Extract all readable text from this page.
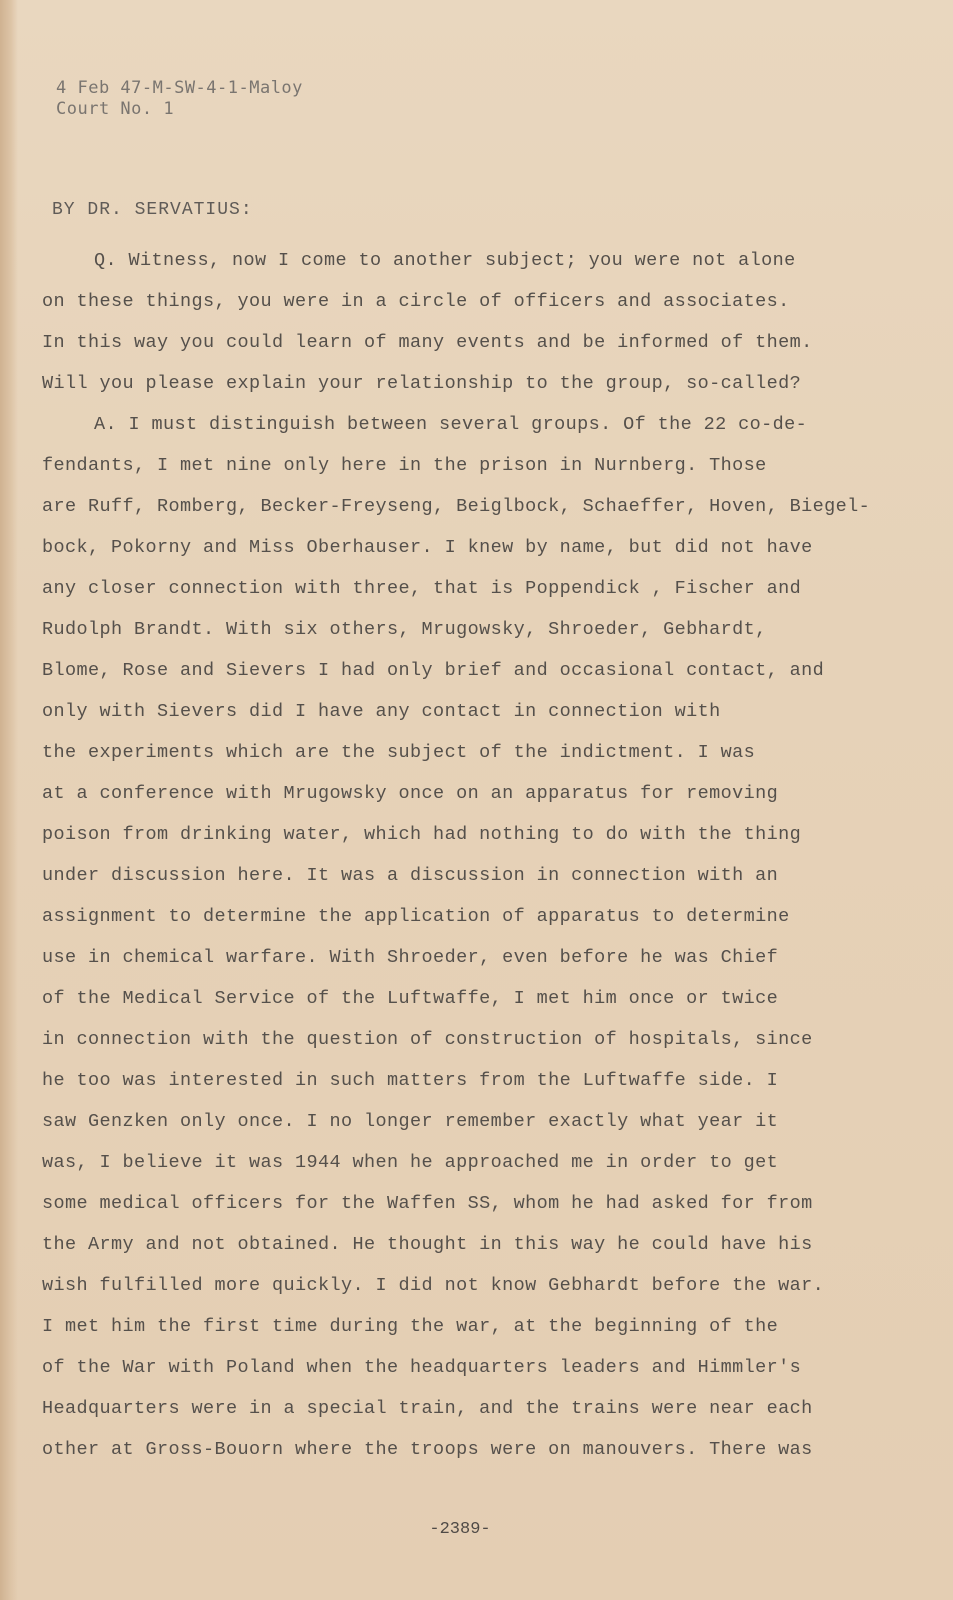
4 Feb 47-M-SW-4-1-Maloy
Court No. 1
BY DR. SERVATIUS:
Q. Witness, now I come to another subject; you were not alone
on these things, you were in a circle of officers and associates.
In this way you could learn of many events and be informed of them.
Will you please explain your relationship to the group, so-called?
A. I must distinguish between several groups. Of the 22 co-de-
fendants, I met nine only here in the prison in Nurnberg. Those
are Ruff, Romberg, Becker-Freyseng, Beiglbock, Schaeffer, Hoven, Biegel-
bock, Pokorny and Miss Oberhauser. I knew by name, but did not have
any closer connection with three, that is Poppendick , Fischer and
Rudolph Brandt. With six others, Mrugowsky, Shroeder, Gebhardt,
Blome, Rose and Sievers I had only brief and occasional contact, and
only with Sievers did I have any contact in connection with
the experiments which are the subject of the indictment. I was
at a conference with Mrugowsky once on an apparatus for removing
poison from drinking water, which had nothing to do with the thing
under discussion here. It was a discussion in connection with an
assignment to determine the application of apparatus to determine
use in chemical warfare. With Shroeder, even before he was Chief
of the Medical Service of the Luftwaffe, I met him once or twice
in connection with the question of construction of hospitals, since
he too was interested in such matters from the Luftwaffe side. I
saw Genzken only once. I no longer remember exactly what year it
was, I believe it was 1944 when he approached me in order to get
some medical officers for the Waffen SS, whom he had asked for from
the Army and not obtained. He thought in this way he could have his
wish fulfilled more quickly. I did not know Gebhardt before the war.
I met him the first time during the war, at the beginning of the
of the War with Poland when the headquarters leaders and Himmler's
Headquarters were in a special train, and the trains were near each
other at Gross-Bouorn where the troops were on manouvers. There was
-2389-
